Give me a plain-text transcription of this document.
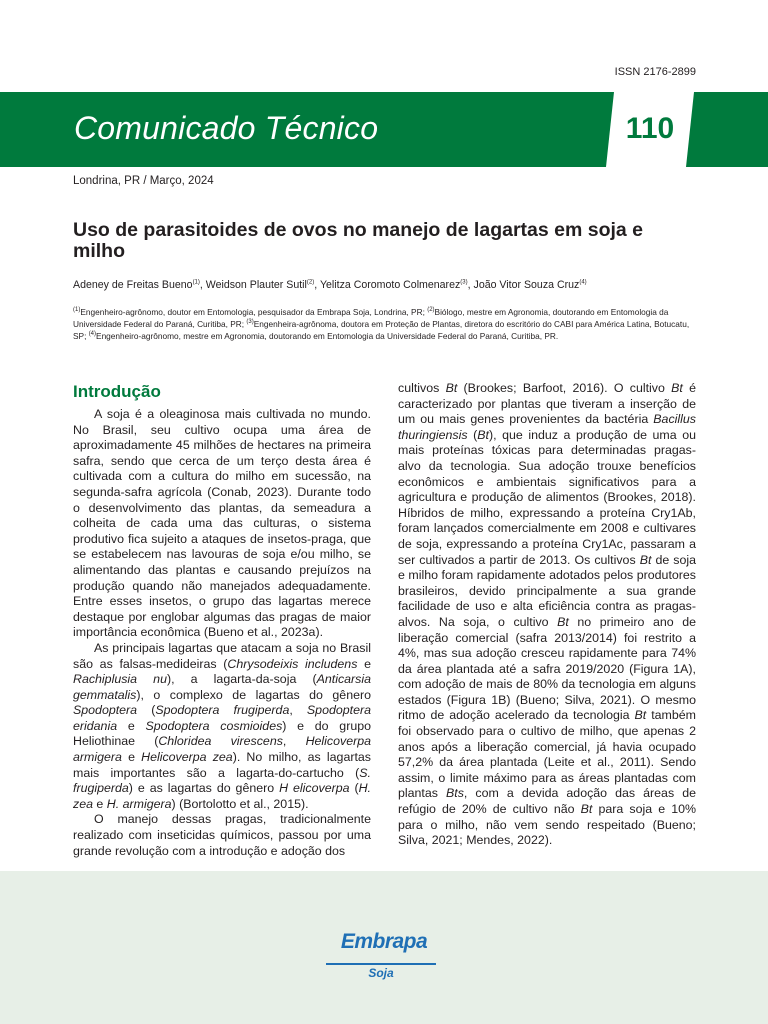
ISSN 2176-2899
Comunicado Técnico	110
Londrina, PR / Março, 2024
Uso de parasitoides de ovos no manejo de lagartas em soja e milho
Adeney de Freitas Bueno$^{(1)}$, Weidson Plauter Sutil$^{(2)}$, Yelitza Coromoto Colmenarez$^{(3)}$, João Vitor Souza Cruz$^{(4)}$
$^{(1)}$Engenheiro-agrônomo, doutor em Entomologia, pesquisador da Embrapa Soja, Londrina, PR; $^{(2)}$Biólogo, mestre em Agronomia, doutorando em Entomologia da Universidade Federal do Paraná, Curitiba, PR; $^{(3)}$Engenheira-agrônoma, doutora em Proteção de Plantas, diretora do escritório do CABI para América Latina, Botucatu, SP; $^{(4)}$Engenheiro-agrônomo, mestre em Agronomia, doutorando em Entomologia da Universidade Federal do Paraná, Curitiba, PR.
Introdução

A soja é a oleaginosa mais cultivada no mundo. No Brasil, seu cultivo ocupa uma área de aproximadamente 45 milhões de hectares na primeira safra, sendo que cerca de um terço desta área é cultivada com a cultura do milho em sucessão, na segunda-safra agrícola (Conab, 2023). Durante todo o desenvolvimento das plantas, da semeadura a colheita de cada uma das culturas, o sistema produtivo fica sujeito a ataques de insetos-praga, que se estabelecem nas lavouras de soja e/ou milho, se alimentando das plantas e causando prejuízos na produção quando não manejados adequadamente. Entre esses insetos, o grupo das lagartas merece destaque por englobar algumas das pragas de maior importância econômica (Bueno et al., 2023a).

As principais lagartas que atacam a soja no Brasil são as falsas-medideiras (Chrysodeixis includens e Rachiplusia nu), a lagarta-da-soja (Anticarsia gemmatalis), o complexo de lagartas do gênero Spodoptera (Spodoptera frugiperda, Spodoptera eridania e Spodoptera cosmioides) e do grupo Heliothinae (Chloridea virescens, Helicoverpa armigera e Helicoverpa zea). No milho, as lagartas mais importantes são a lagarta-do-cartucho (S. frugiperda) e as lagartas do gênero H elicoverpa (H. zea e H. armigera) (Bortolotto et al., 2015).

O manejo dessas pragas, tradicionalmente realizado com inseticidas químicos, passou por uma grande revolução com a introdução e adoção dos

cultivos Bt (Brookes; Barfoot, 2016). O cultivo Bt é caracterizado por plantas que tiveram a inserção de um ou mais genes provenientes da bactéria Bacillus thuringiensis (Bt), que induz a produção de uma ou mais proteínas tóxicas para determinadas pragas-alvo da tecnologia. Sua adoção trouxe benefícios econômicos e ambientais significativos para a agricultura e produção de alimentos (Brookes, 2018). Híbridos de milho, expressando a proteína Cry1Ab, foram lançados comercialmente em 2008 e cultivares de soja, expressando a proteína Cry1Ac, passaram a ser cultivados a partir de 2013. Os cultivos Bt de soja e milho foram rapidamente adotados pelos produtores brasileiros, devido principalmente a sua grande facilidade de uso e alta eficiência contra as pragas-alvos. Na soja, o cultivo Bt no primeiro ano de liberação comercial (safra 2013/2014) foi restrito a 4%, mas sua adoção cresceu rapidamente para 74% da área plantada até a safra 2019/2020 (Figura 1A), com adoção de mais de 80% da tecnologia em alguns estados (Figura 1B) (Bueno; Silva, 2021). O mesmo ritmo de adoção acelerado da tecnologia Bt também foi observado para o cultivo de milho, que apenas 2 anos após a liberação comercial, já havia ocupado 57,2% da área plantada (Leite et al., 2011). Sendo assim, o limite máximo para as áreas plantadas com plantas Bts, com a devida adoção das áreas de refúgio de 20% de cultivo não Bt para soja e 10% para o milho, não vem sendo respeitado (Bueno; Silva, 2021; Mendes, 2022).

Embrapa
Soja
